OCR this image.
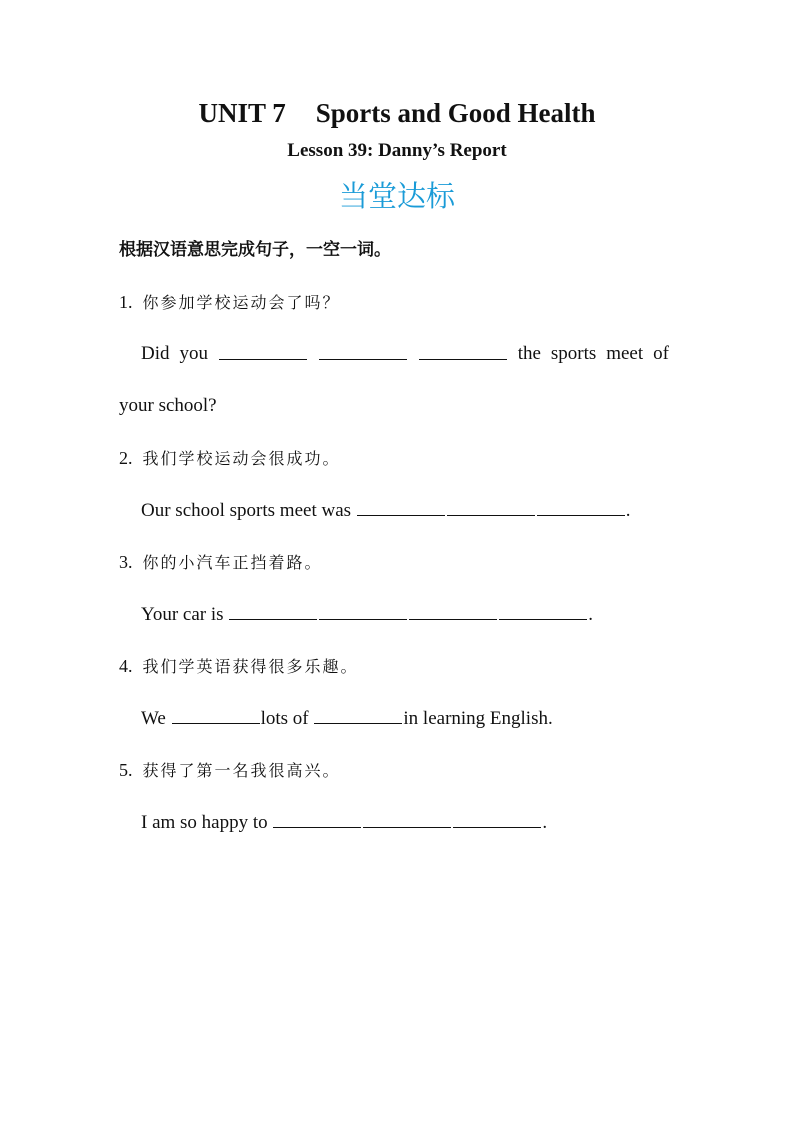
UNIT 7 Sports and Good Health
Lesson 39: Danny’s Report
当堂达标
根据汉语意思完成句子，一空一词。
1. 你参加学校运动会了吗？
Did you	the sports meet of
your school?
2. 我们学校运动会很成功。
Our school sports meet was	.
3. 你的小汽车正挡着路。
Your car is	.
4. 我们学英语获得很多乐趣。
We	lots of	in learning English.
5. 获得了第一名我很高兴。
I am so happy to	.
